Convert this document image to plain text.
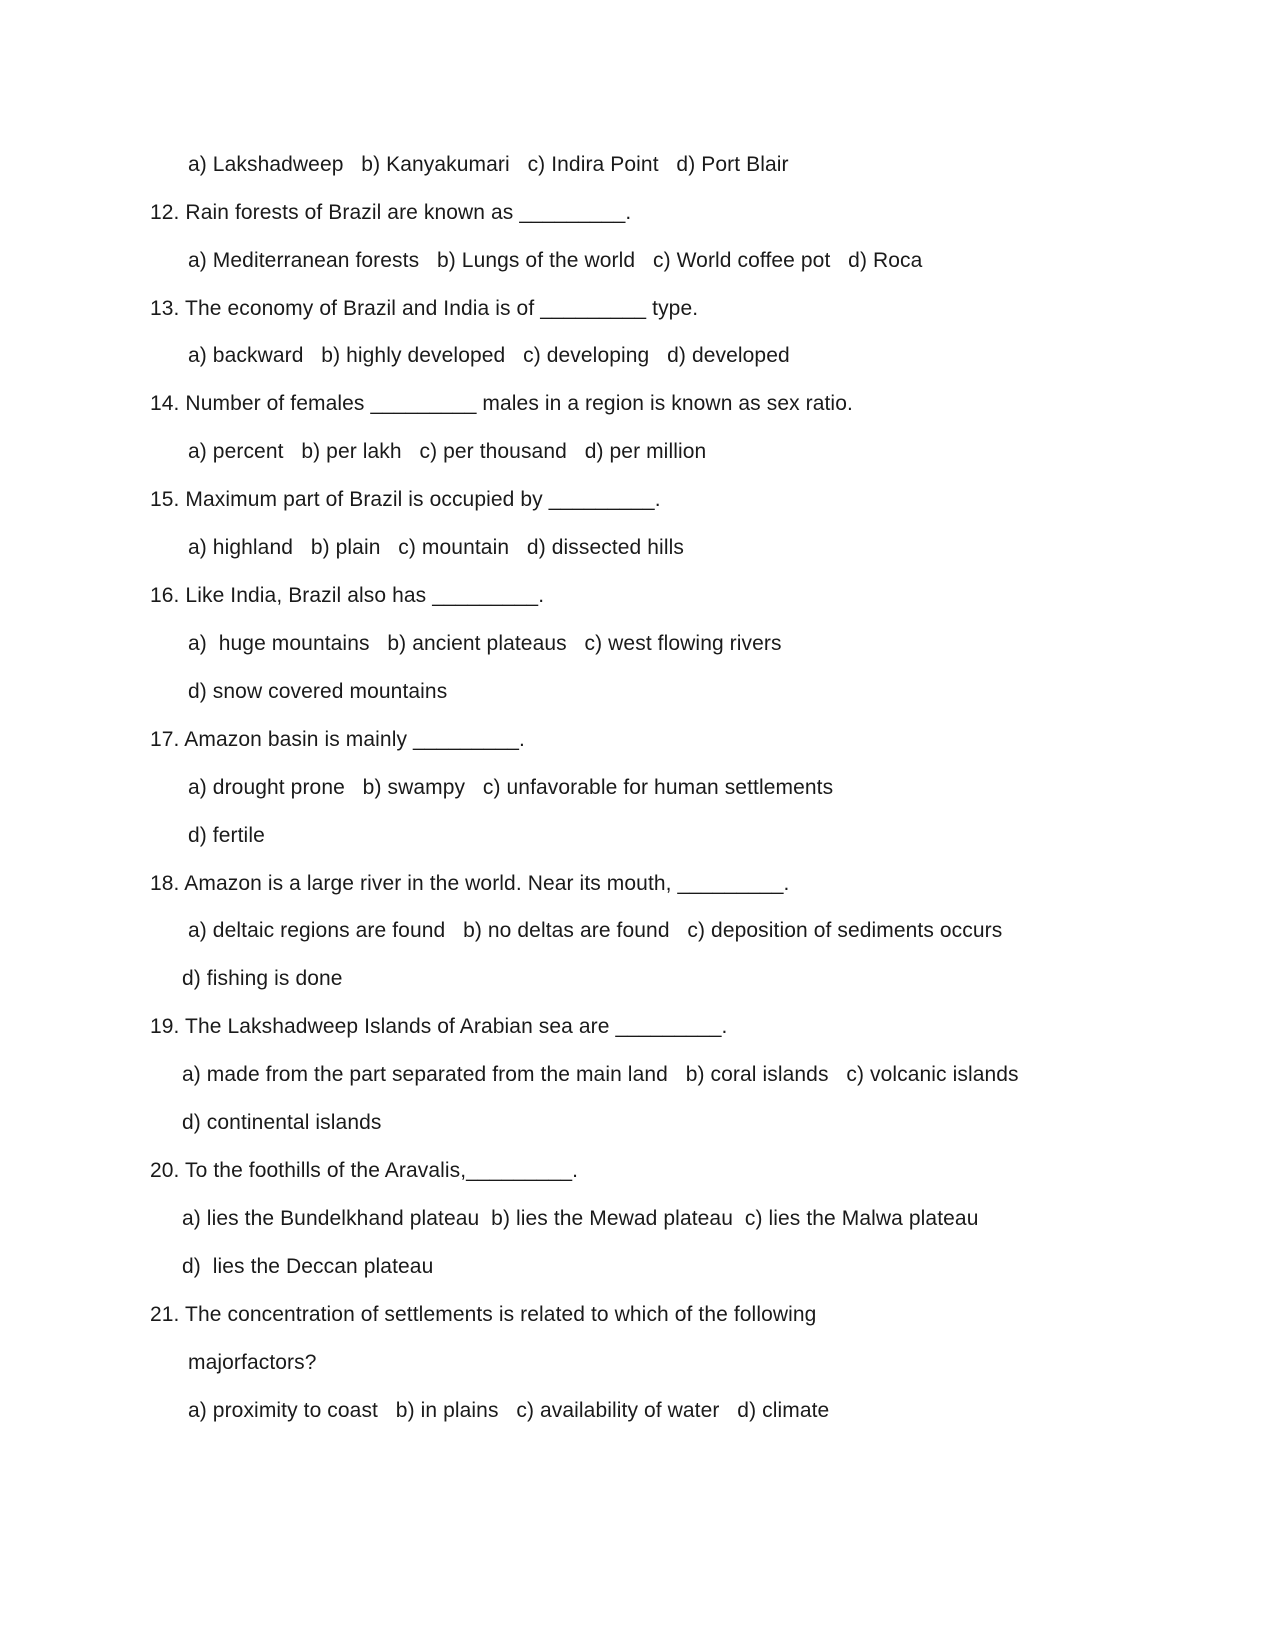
a) Lakshadweep   b) Kanyakumari   c) Indira Point   d) Port Blair
12. Rain forests of Brazil are known as _________.
a) Mediterranean forests   b) Lungs of the world   c) World coffee pot   d) Roca
13. The economy of Brazil and India is of _________ type.
a) backward   b) highly developed   c) developing   d) developed
14. Number of females _________ males in a region is known as sex ratio.
a) percent   b) per lakh   c) per thousand   d) per million
15. Maximum part of Brazil is occupied by _________.
a) highland   b) plain   c) mountain   d) dissected hills
16. Like India, Brazil also has _________.
a)  huge mountains   b) ancient plateaus   c) west flowing rivers
d) snow covered mountains
17. Amazon basin is mainly _________.
a) drought prone   b) swampy   c) unfavorable for human settlements
d) fertile
18. Amazon is a large river in the world. Near its mouth, _________.
a) deltaic regions are found   b) no deltas are found   c) deposition of sediments occurs
d) fishing is done
19. The Lakshadweep Islands of Arabian sea are _________.
a) made from the part separated from the main land   b) coral islands   c) volcanic islands
d) continental islands
20. To the foothills of the Aravalis,_________.
a) lies the Bundelkhand plateau  b) lies the Mewad plateau  c) lies the Malwa plateau
d)  lies the Deccan plateau
21. The concentration of settlements is related to which of the following
majorfactors?
a) proximity to coast   b) in plains   c) availability of water   d) climate
